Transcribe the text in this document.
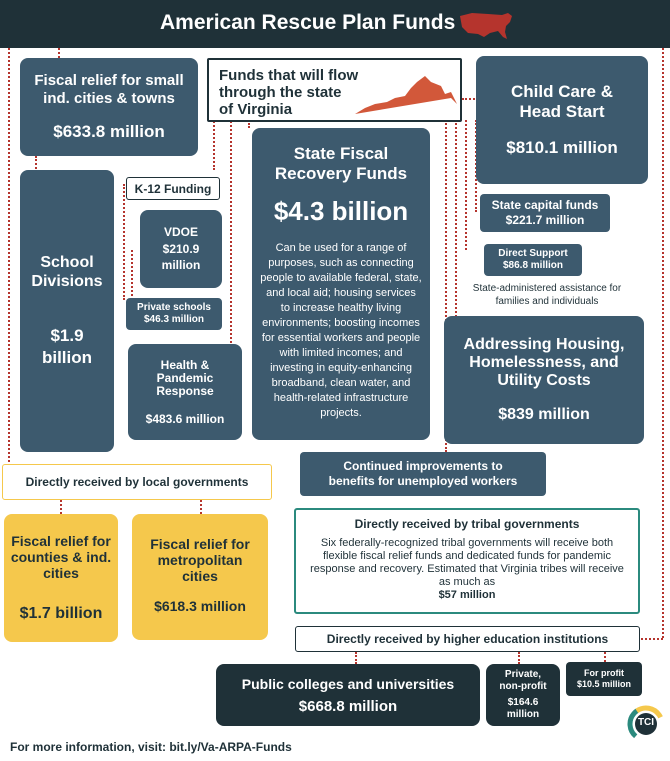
American Rescue Plan Funds
Funds that will flow through the state of Virginia
Fiscal relief for small ind. cities & towns
$633.8 million
Child Care & Head Start
$810.1 million
State Fiscal Recovery Funds
$4.3 billion
Can be used for a range of purposes, such as connecting people to available federal, state, and local aid; housing services to increase healthy living environments; boosting incomes for essential workers and people with limited incomes; and investing in equity-enhancing broadband, clean water, and health-related infrastructure projects.
School Divisions
$1.9 billion
K-12 Funding
VDOE
$210.9 million
Private schools
$46.3 million
Health & Pandemic Response
$483.6 million
State capital funds
$221.7 million
Direct Support
$86.8 million
State-administered assistance for families and individuals
Addressing Housing, Homelessness, and Utility Costs
$839 million
Continued improvements to benefits for unemployed workers
Directly received by local governments
Fiscal relief for counties & ind. cities
$1.7 billion
Fiscal relief for metropolitan cities
$618.3 million
Directly received by tribal governments
Six federally-recognized tribal governments will receive both flexible fiscal relief funds and dedicated funds for pandemic response and recovery. Estimated that Virginia tribes will receive as much as
$57 million
Directly received by higher education institutions
Public colleges and universities
$668.8 million
Private, non-profit
$164.6 million
For profit
$10.5 million
TCI
For more information, visit: bit.ly/Va-ARPA-Funds
